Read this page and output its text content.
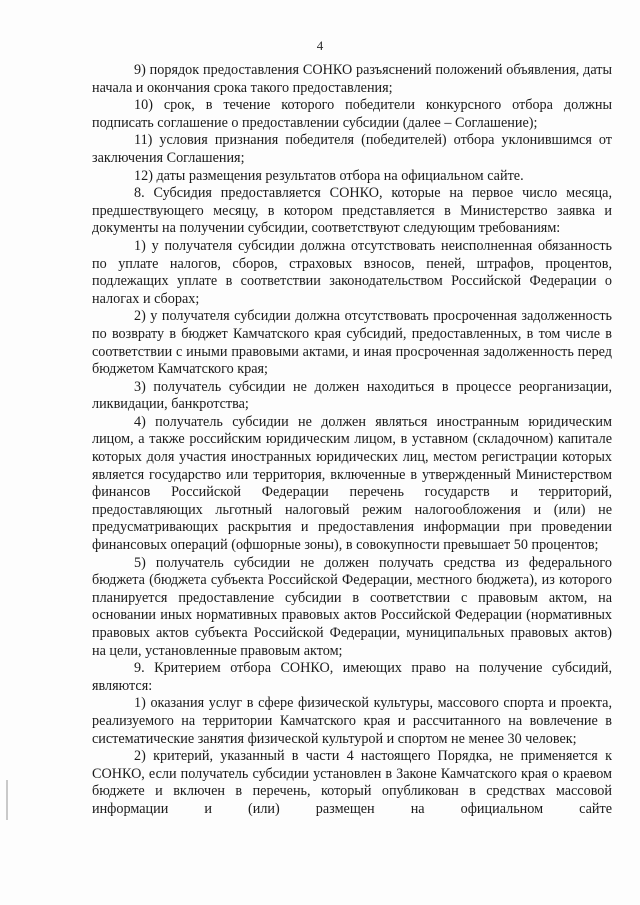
4

9) порядок предоставления СОНКО разъяснений положений объявления, даты начала и окончания срока такого предоставления;

10) срок, в течение которого победители конкурсного отбора должны подписать соглашение о предоставлении субсидии (далее – Соглашение);

11) условия признания победителя (победителей) отбора уклонившимся от заключения Соглашения;

12) даты размещения результатов отбора на официальном сайте.

8. Субсидия предоставляется СОНКО, которые на первое число месяца, предшествующего месяцу, в котором представляется в Министерство заявка и документы на получении субсидии, соответствуют следующим требованиям:

1) у получателя субсидии должна отсутствовать неисполненная обязанность по уплате налогов, сборов, страховых взносов, пеней, штрафов, процентов, подлежащих уплате в соответствии законодательством Российской Федерации о налогах и сборах;

2) у получателя субсидии должна отсутствовать просроченная задолженность по возврату в бюджет Камчатского края субсидий, предоставленных, в том числе в соответствии с иными правовыми актами, и иная просроченная задолженность перед бюджетом Камчатского края;

3) получатель субсидии не должен находиться в процессе реорганизации, ликвидации, банкротства;

4) получатель субсидии не должен являться иностранным юридическим лицом, а также российским юридическим лицом, в уставном (складочном) капитале которых доля участия иностранных юридических лиц, местом регистрации которых является государство или территория, включенные в утвержденный Министерством финансов Российской Федерации перечень государств и территорий, предоставляющих льготный налоговый режим налогообложения и (или) не предусматривающих раскрытия и предоставления информации при проведении финансовых операций (офшорные зоны), в совокупности превышает 50 процентов;

5) получатель субсидии не должен получать средства из федерального бюджета (бюджета субъекта Российской Федерации, местного бюджета), из которого планируется предоставление субсидии в соответствии с правовым актом, на основании иных нормативных правовых актов Российской Федерации (нормативных правовых актов субъекта Российской Федерации, муниципальных правовых актов) на цели, установленные правовым актом;

9. Критерием отбора СОНКО, имеющих право на получение субсидий, являются:

1) оказания услуг в сфере физической культуры, массового спорта и проекта, реализуемого на территории Камчатского края и рассчитанного на вовлечение в систематические занятия физической культурой и спортом не менее 30 человек;

2) критерий, указанный в части 4 настоящего Порядка, не применяется к СОНКО, если получатель субсидии установлен в Законе Камчатского края о краевом бюджете и включен в перечень, который опубликован в средствах массовой информации и (или) размещен на официальном сайте
